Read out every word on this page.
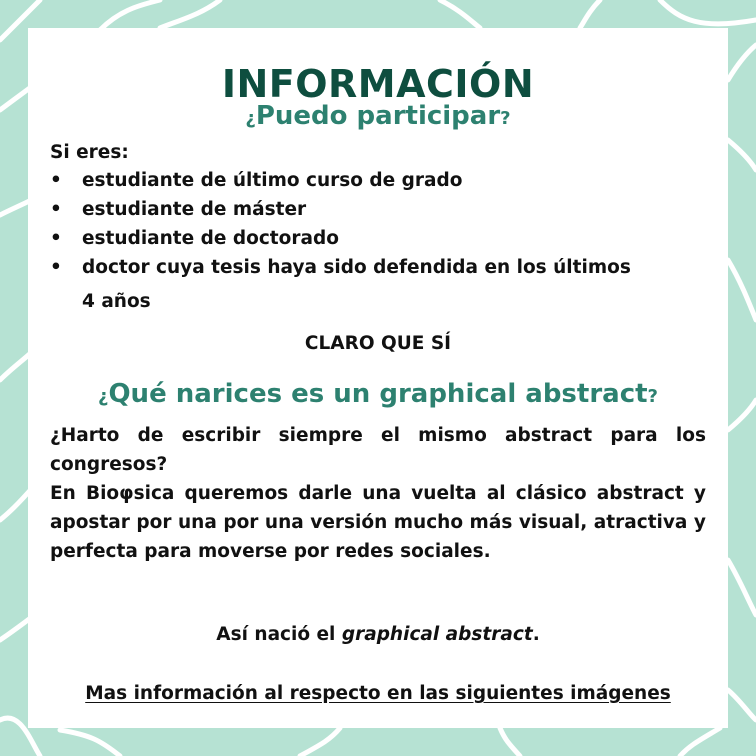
INFORMACIÓN
¿Puedo participar?
Si eres:
• estudiante de último curso de grado
• estudiante de máster
• estudiante de doctorado
• doctor cuya tesis haya sido defendida en los últimos
4 años
CLARO QUE SÍ
¿Qué narices es un graphical abstract?

¿Harto de escribir siempre el mismo abstract para los congresos?

En Bioφsica queremos darle una vuelta al clásico abstract y apostar por una por una versión mucho más visual, atractiva y perfecta para moverse por redes sociales.

Así nació el graphical abstract.
Mas información al respecto en las siguientes imágenes
